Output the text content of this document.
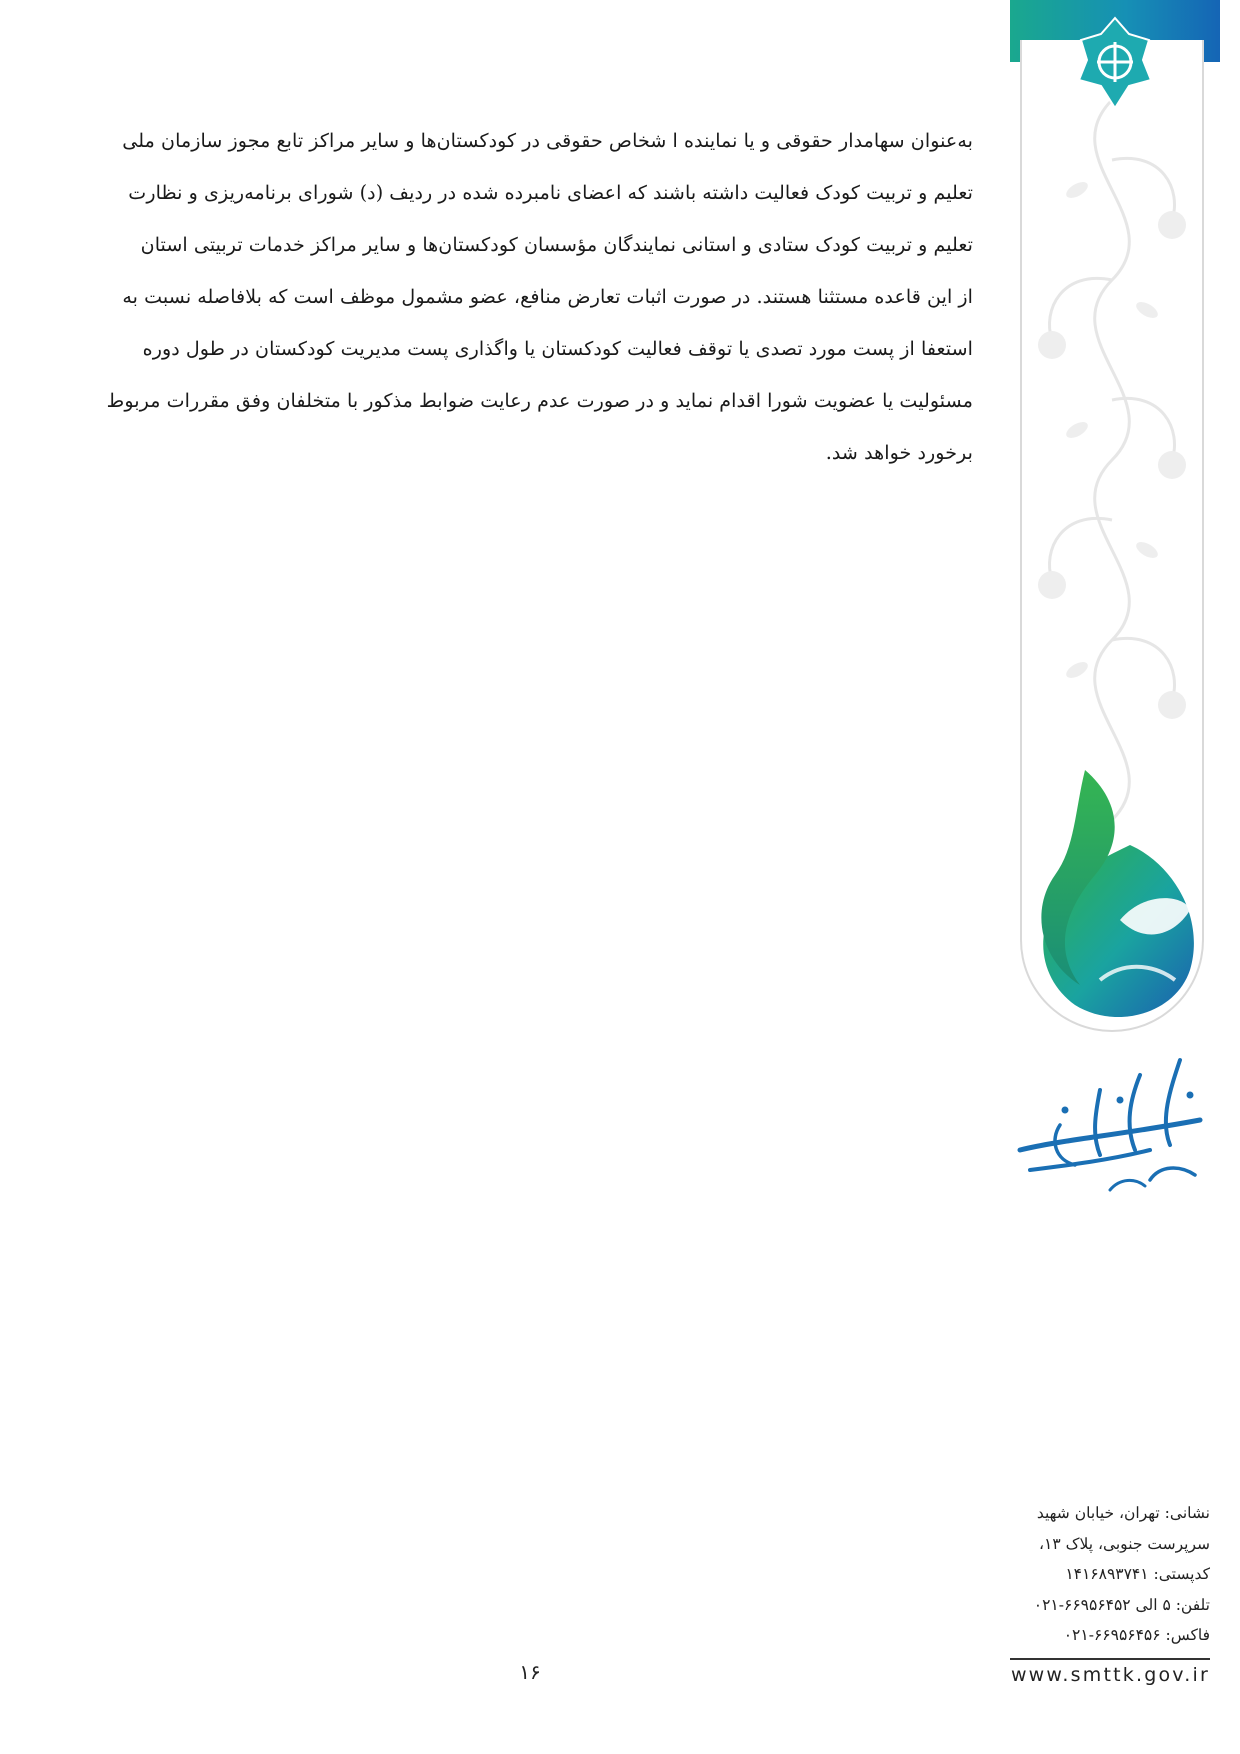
به‌عنوان سهامدار حقوقی و یا نماینده ا شخاص حقوقی در کودکستان‌ها و سایر مراکز تابع مجوز سازمان ملی

تعلیم و تربیت کودک فعالیت داشته باشند که اعضای نامبرده شده در ردیف (د) شورای برنامه‌ریزی و نظارت

تعلیم و تربیت کودک ستادی و استانی نمایندگان مؤسسان کودکستان‌ها و سایر مراکز خدمات تربیتی استان

از این قاعده مستثنا هستند. در صورت اثبات تعارض منافع، عضو مشمول موظف است که بلافاصله نسبت به

استعفا از پست مورد تصدی یا توقف فعالیت کودکستان یا واگذاری پست مدیریت کودکستان در طول دوره

مسئولیت یا عضویت شورا اقدام نماید و در صورت عدم رعایت ضوابط مذکور با متخلفان وفق مقررات مربوط

برخورد خواهد شد.

۱۶
نشانی: تهران، خیابان شهید
سرپرست جنوبی، پلاک ۱۳،
کدپستی: ۱۴۱۶۸۹۳۷۴۱
تلفن: ۵ الی ۶۶۹۵۶۴۵۲-۰۲۱
فاکس: ۶۶۹۵۶۴۵۶-۰۲۱
www.smttk.gov.ir
